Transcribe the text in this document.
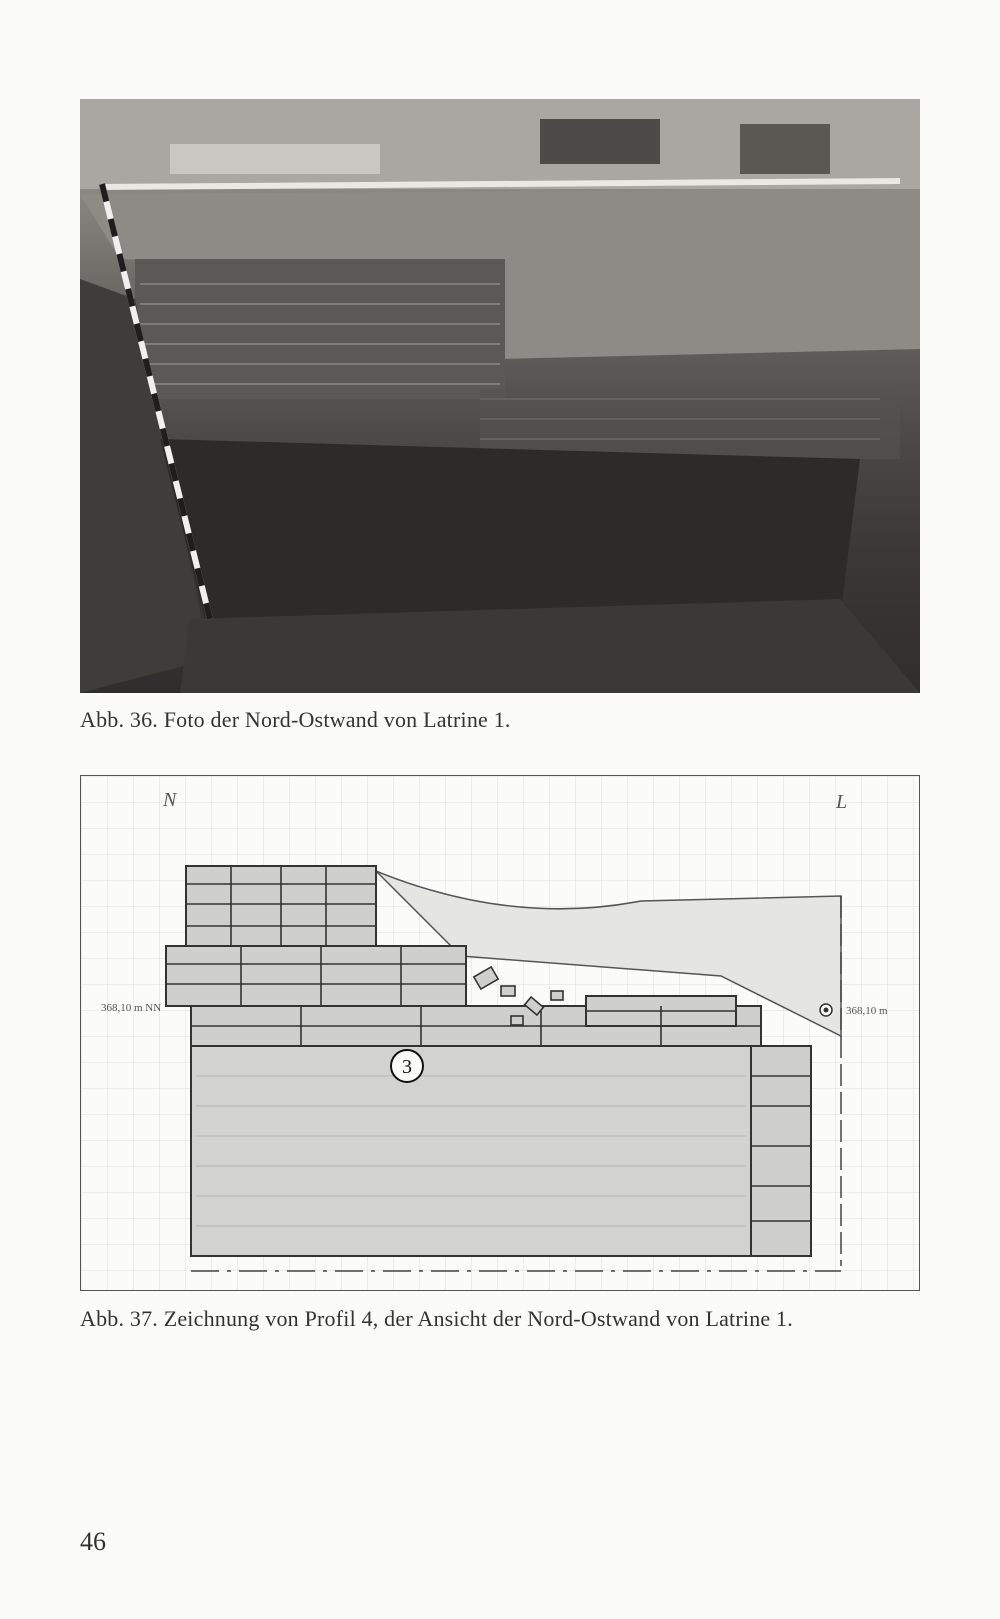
Abb. 36. Foto der Nord-Ostwand von Latrine 1.
368,10 m NN	368,10 m
N	L
3
Abb. 37. Zeichnung von Profil 4, der Ansicht der Nord-Ostwand von Latrine 1.
46
